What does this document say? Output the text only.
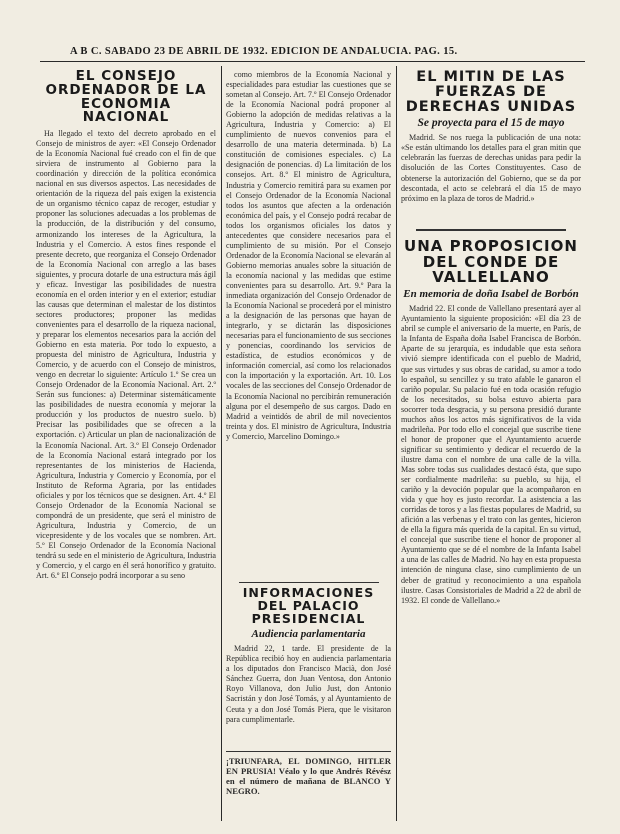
A B C. SABADO 23 DE ABRIL DE 1932. EDICION DE ANDALUCIA. PAG. 15.
EL CONSEJO ORDENADOR DE LA ECONOMIA NACIONAL

Ha llegado el texto del decreto aprobado en el Consejo de ministros de ayer: «El Consejo Ordenador de la Economía Nacional fué creado con el fin de que sirviera de instrumento al Gobierno para la coordinación y dirección de la política económica nacional en sus diversos aspectos. Las necesidades de orientación de la riqueza del país exigen la existencia de un organismo técnico capaz de recoger, estudiar y proponer las soluciones adecuadas a los problemas de la producción, de la distribución y del consumo, armonizando los intereses de la Agricultura, la Industria y el Comercio. A estos fines responde el presente decreto, que reorganiza el Consejo Ordenador de la Economía Nacional con arreglo a las bases siguientes, y procura dotarle de una estructura más ágil y eficaz. Investigar las posibilidades de nuestra economía en el orden interior y en el exterior; estudiar las causas que determinan el malestar de los distintos sectores productores; proponer las medidas convenientes para el desarrollo de la riqueza nacional, y preparar los elementos necesarios para la acción del Gobierno en esta materia. Por todo lo expuesto, a propuesta del ministro de Agricultura, Industria y Comercio, y de acuerdo con el Consejo de ministros, vengo en decretar lo siguiente: Artículo 1.º Se crea un Consejo Ordenador de la Economía Nacional. Art. 2.º Serán sus funciones: a) Determinar sistemáticamente las posibilidades de nuestra economía y mejorar la producción y los productos de nuestro suelo. b) Precisar las posibilidades que se ofrecen a la exportación. c) Articular un plan de nacionalización de la Economía Nacional. Art. 3.º El Consejo Ordenador de la Economía Nacional estará integrado por los representantes de los ministerios de Hacienda, Agricultura, Industria y Comercio y Economía, por el Instituto de Reforma Agraria, por las entidades oficiales y por los técnicos que se designen. Art. 4.º El Consejo Ordenador de la Economía Nacional se compondrá de un presidente, que será el ministro de Agricultura, Industria y Comercio, de un vicepresidente y de los vocales que se nombren. Art. 5.º El Consejo Ordenador de la Economía Nacional tendrá su sede en el ministerio de Agricultura, Industria y Comercio, y el cargo en él será honorífico y gratuito. Art. 6.º El Consejo podrá incorporar a su seno

como miembros de la Economía Nacional y especialidades para estudiar las cuestiones que se sometan al Consejo. Art. 7.º El Consejo Ordenador de la Economía Nacional podrá proponer al Gobierno la adopción de medidas relativas a la Agricultura, Industria y Comercio: a) El cumplimiento de nuevos convenios para el desarrollo de una materia determinada. b) La constitución de comisiones especiales. c) La designación de ponencias. d) La limitación de los consejos. Art. 8.º El ministro de Agricultura, Industria y Comercio remitirá para su examen por el Consejo Ordenador de la Economía Nacional todos los asuntos que afecten a la ordenación económica del país, y el Consejo podrá recabar de todos los organismos oficiales los datos y antecedentes que considere necesarios para el cumplimiento de su misión. Por el Consejo Ordenador de la Economía Nacional se elevarán al Gobierno memorias anuales sobre la situación de la economía nacional y las medidas que estime convenientes para su desarrollo. Art. 9.º Para la inmediata organización del Consejo Ordenador de la Economía Nacional se procederá por el ministro a la designación de las personas que hayan de integrarlo, y se dictarán las disposiciones necesarias para el funcionamiento de sus secciones y ponencias, coordinando los servicios de estadística, de estudios económicos y de información comercial, así como los relacionados con la importación y la exportación. Art. 10. Los vocales de las secciones del Consejo Ordenador de la Economía Nacional no percibirán remuneración alguna por el desempeño de sus cargos. Dado en Madrid a veintidós de abril de mil novecientos treinta y dos. El ministro de Agricultura, Industria y Comercio, Marcelino Domingo.»

INFORMACIONES DEL PALACIO PRESIDENCIAL
Audiencia parlamentaria

Madrid 22, 1 tarde. El presidente de la República recibió hoy en audiencia parlamentaria a los diputados don Francisco Macià, don José Sánchez Guerra, don Juan Ventosa, don Antonio Royo Villanova, don Julio Just, don Antonio Sacristán y don José Tomás, y al Ayuntamiento de Ceuta y a don José Tomás Piera, que le visitaron para cumplimentarle.

¡TRIUNFARA, EL DOMINGO, HITLER EN PRUSIA! Véalo y lo que Andrés Révész en el número de mañana de BLANCO Y NEGRO.

EL MITIN DE LAS FUERZAS DE DERECHAS UNIDAS
Se proyecta para el 15 de mayo

Madrid. Se nos ruega la publicación de una nota: «Se están ultimando los detalles para el gran mitin que celebrarán las fuerzas de derechas unidas para pedir la disolución de las Cortes Constituyentes. Caso de obtenerse la autorización del Gobierno, que se da por descontada, el acto se celebrará el día 15 de mayo próximo en la plaza de toros de Madrid.»

UNA PROPOSICION DEL CONDE DE VALLELLANO
En memoria de doña Isabel de Borbón

Madrid 22. El conde de Vallellano presentará ayer al Ayuntamiento la siguiente proposición: «El día 23 de abril se cumple el aniversario de la muerte, en París, de la Infanta de España doña Isabel Francisca de Borbón. Aparte de su jerarquía, es indudable que esta señora vivió siempre identificada con el pueblo de Madrid, que sus virtudes y sus obras de caridad, su amor a todo lo español, su sencillez y su trato afable le ganaron el cariño popular. Su palacio fué en toda ocasión refugio de los necesitados, su bolsa estuvo abierta para socorrer toda desgracia, y su persona presidió durante muchos años los actos más significativos de la vida madrileña. Por todo ello el concejal que suscribe tiene el honor de proponer que el Ayuntamiento acuerde significar su sentimiento y dedicar el recuerdo de la ilustre dama con el nombre de una calle de la villa. Mas sobre todas sus cualidades destacó ésta, que supo ser cordialmente madrileña: su pueblo, su hija, el cariño y la devoción popular que la acompañaron en vida y que hoy es justo recordar. La asistencia a las corridas de toros y a las fiestas populares de Madrid, su afición a las verbenas y el trato con las gentes, hicieron de ella la figura más querida de la capital. En su virtud, el concejal que suscribe tiene el honor de proponer al Ayuntamiento que se dé el nombre de la Infanta Isabel a una de las calles de Madrid. No hay en esta propuesta intención de ninguna clase, sino cumplimiento de un deber de gratitud y reconocimiento a una española ilustre. Casas Consistoriales de Madrid a 22 de abril de 1932. El conde de Vallellano.»
